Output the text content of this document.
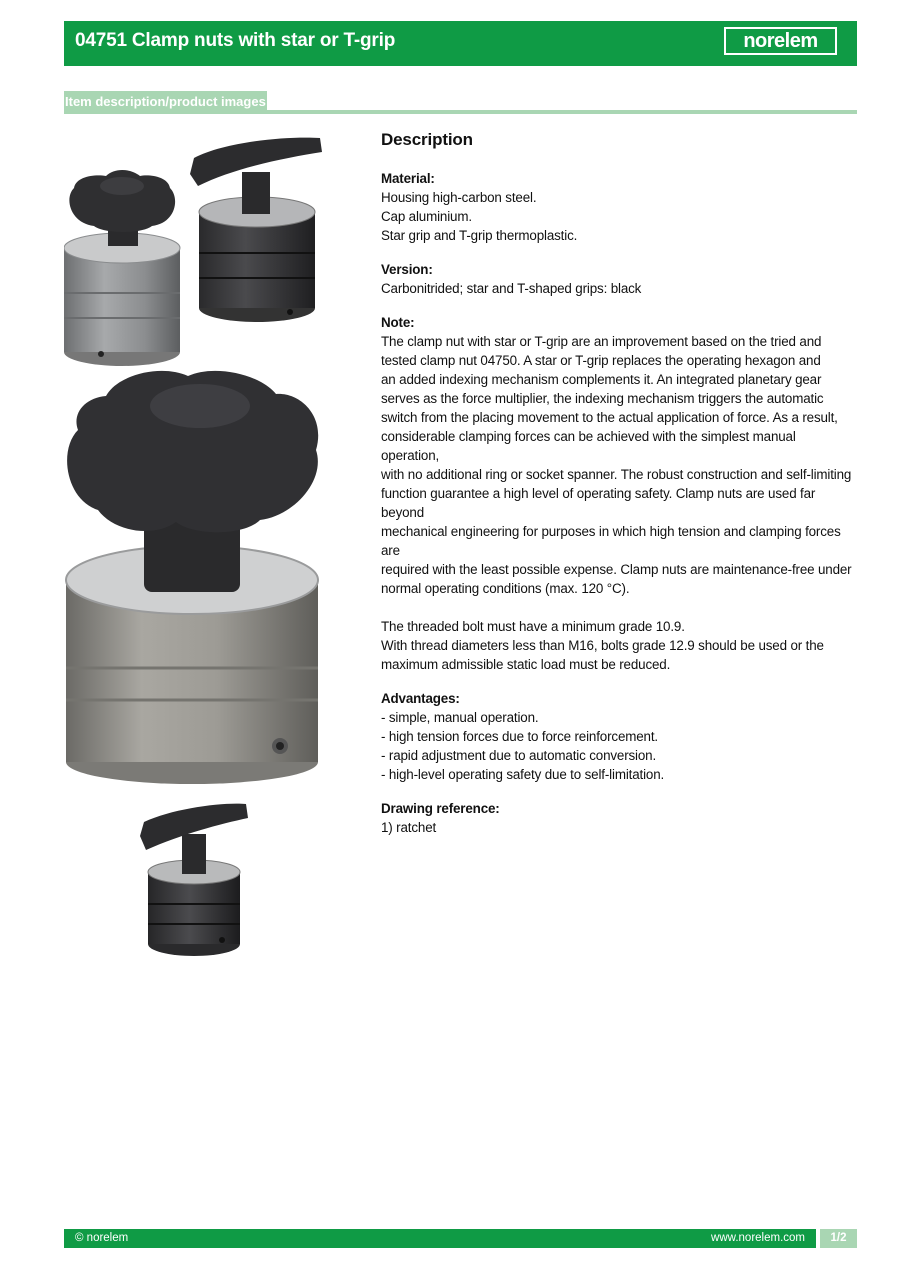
04751 Clamp nuts with star or T-grip	norelem
Item description/product images
Description
Material:
Housing high-carbon steel.
Cap aluminium.
Star grip and T-grip thermoplastic.
Version:
Carbonitrided; star and T-shaped grips: black
Note:
The clamp nut with star or T-grip are an improvement based on the tried and
tested clamp nut 04750. A star or T-grip replaces the operating hexagon and
an added indexing mechanism complements it. An integrated planetary gear
serves as the force multiplier, the indexing mechanism triggers the automatic
switch from the placing movement to the actual application of force. As a result,
considerable clamping forces can be achieved with the simplest manual operation,
with no additional ring or socket spanner. The robust construction and self-limiting
function guarantee a high level of operating safety. Clamp nuts are used far beyond
mechanical engineering for purposes in which high tension and clamping forces are
required with the least possible expense. Clamp nuts are maintenance-free under
normal operating conditions (max. 120 °C).
The threaded bolt must have a minimum grade 10.9.
With thread diameters less than M16, bolts grade 12.9 should be used or the
maximum admissible static load must be reduced.
Advantages:
- simple, manual operation.
- high tension forces due to force reinforcement.
- rapid adjustment due to automatic conversion.
- high-level operating safety due to self-limitation.
Drawing reference:
1) ratchet
© norelem	www.norelem.com	1/2
